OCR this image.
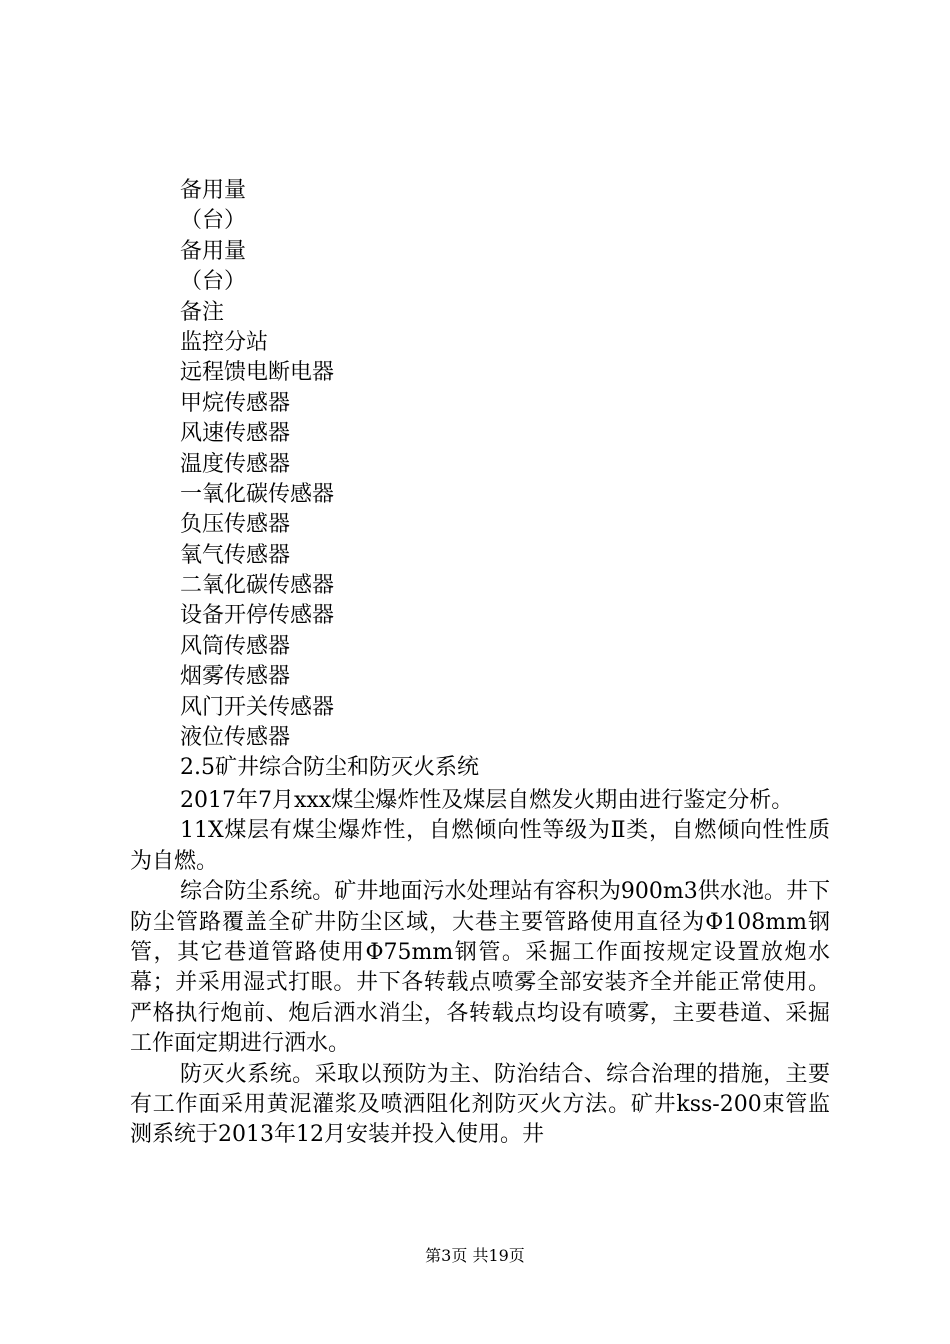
备用量
（台）
备用量
（台）
备注
监控分站
远程馈电断电器
甲烷传感器
风速传感器
温度传感器
一氧化碳传感器
负压传感器
氧气传感器
二氧化碳传感器
设备开停传感器
风筒传感器
烟雾传感器
风门开关传感器
液位传感器
2.5矿井综合防尘和防灭火系统

2017年7月xxx煤尘爆炸性及煤层自燃发火期由进行鉴定分析。

11X煤层有煤尘爆炸性，自燃倾向性等级为Ⅱ类，自燃倾向性性质为自燃。

综合防尘系统。矿井地面污水处理站有容积为900m3供水池。井下防尘管路覆盖全矿井防尘区域，大巷主要管路使用直径为Φ108mm钢管，其它巷道管路使用Φ75mm钢管。采掘工作面按规定设置放炮水幕；并采用湿式打眼。井下各转载点喷雾全部安装齐全并能正常使用。严格执行炮前、炮后洒水消尘，各转载点均设有喷雾，主要巷道、采掘工作面定期进行洒水。

防灭火系统。采取以预防为主、防治结合、综合治理的措施，主要有工作面采用黄泥灌浆及喷洒阻化剂防灭火方法。矿井kss-200束管监测系统于2013年12月安装并投入使用。井

第3页 共19页
